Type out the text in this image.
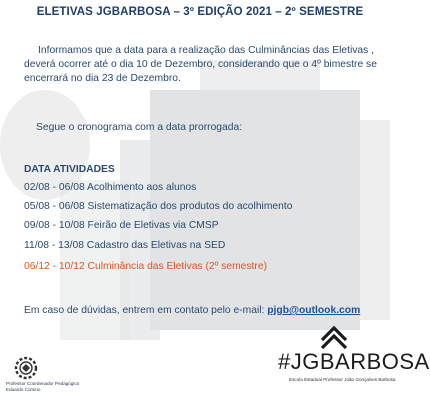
ELETIVAS JGBARBOSA – 3º EDIÇÃO 2021 – 2º SEMESTRE

Informamos que a data para a realização das Culminâncias das Eletivas , deverá ocorrer até o dia 10 de Dezembro, considerando que o 4º bimestre se encerrará no dia 23 de Dezembro.

Segue o cronograma com a data prorrogada:

DATA ATIVIDADES

02/08 - 06/08 Acolhimento aos alunos

05/08 - 06/08 Sistematização dos produtos do acolhimento

09/08 - 10/08 Feirão de Eletivas via CMSP

11/08 - 13/08 Cadastro das Eletivas na SED

06/12 - 10/12 Culminância das Eletivas (2º semestre)

Em caso de dúvidas, entrem em contato pelo e-mail: pjgb@outlook.com

Professor Coordenador Pedagógico
Eduardo Corsino
#JGBARBOSA
Escola Estadual Professor João Gonçalves Barbosa
